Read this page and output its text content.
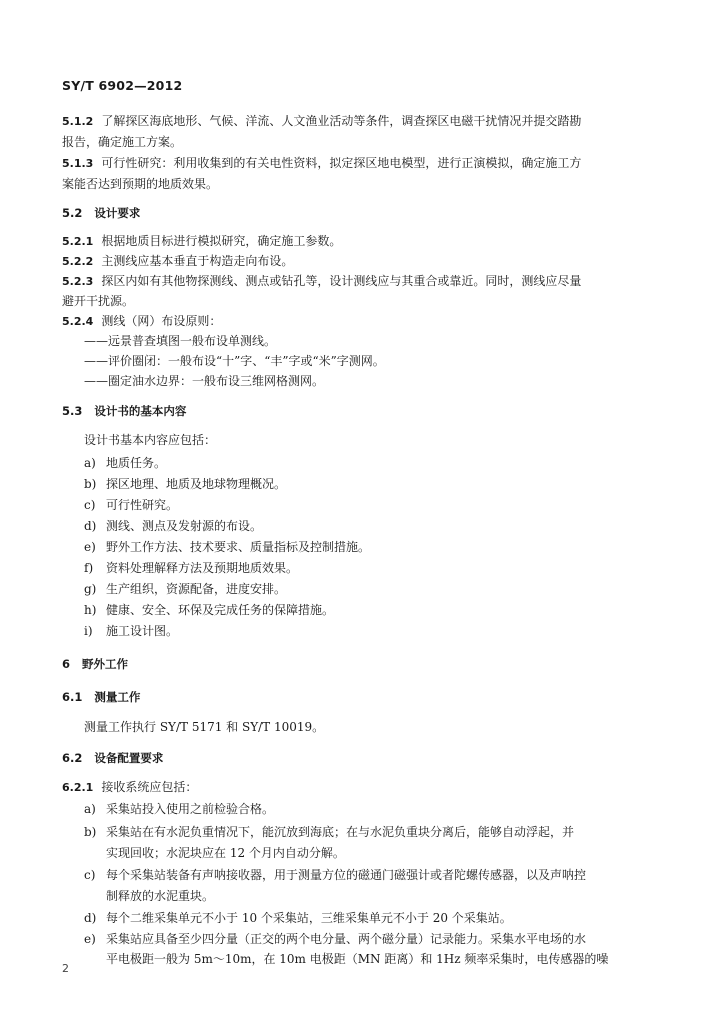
SY/T 6902—2012
5.1.2 了解探区海底地形、气候、洋流、人文渔业活动等条件，调查探区电磁干扰情况并提交踏勘
报告，确定施工方案。
5.1.3 可行性研究：利用收集到的有关电性资料，拟定探区地电模型，进行正演模拟，确定施工方
案能否达到预期的地质效果。
5.2 设计要求
5.2.1 根据地质目标进行模拟研究，确定施工参数。
5.2.2 主测线应基本垂直于构造走向布设。
5.2.3 探区内如有其他物探测线、测点或钻孔等，设计测线应与其重合或靠近。同时，测线应尽量
避开干扰源。
5.2.4 测线（网）布设原则：
——远景普查填图一般布设单测线。
——评价圈闭：一般布设“十”字、“丰”字或“米”字测网。
——圈定油水边界：一般布设三维网格测网。
5.3 设计书的基本内容
设计书基本内容应包括：
a) 地质任务。
b) 探区地理、地质及地球物理概况。
c) 可行性研究。
d) 测线、测点及发射源的布设。
e) 野外工作方法、技术要求、质量指标及控制措施。
f) 资料处理解释方法及预期地质效果。
g) 生产组织，资源配备，进度安排。
h) 健康、安全、环保及完成任务的保障措施。
i) 施工设计图。
6 野外工作
6.1 测量工作
测量工作执行 SY/T 5171 和 SY/T 10019。
6.2 设备配置要求
6.2.1 接收系统应包括：
a) 采集站投入使用之前检验合格。
b) 采集站在有水泥负重情况下，能沉放到海底；在与水泥负重块分离后，能够自动浮起，并
实现回收；水泥块应在 12 个月内自动分解。
c) 每个采集站装备有声呐接收器，用于测量方位的磁通门磁强计或者陀螺传感器，以及声呐控
制释放的水泥重块。
d) 每个二维采集单元不小于 10 个采集站，三维采集单元不小于 20 个采集站。
e) 采集站应具备至少四分量（正交的两个电分量、两个磁分量）记录能力。采集水平电场的水
平电极距一般为 5m～10m，在 10m 电极距（MN 距离）和 1Hz 频率采集时，电传感器的噪
2
